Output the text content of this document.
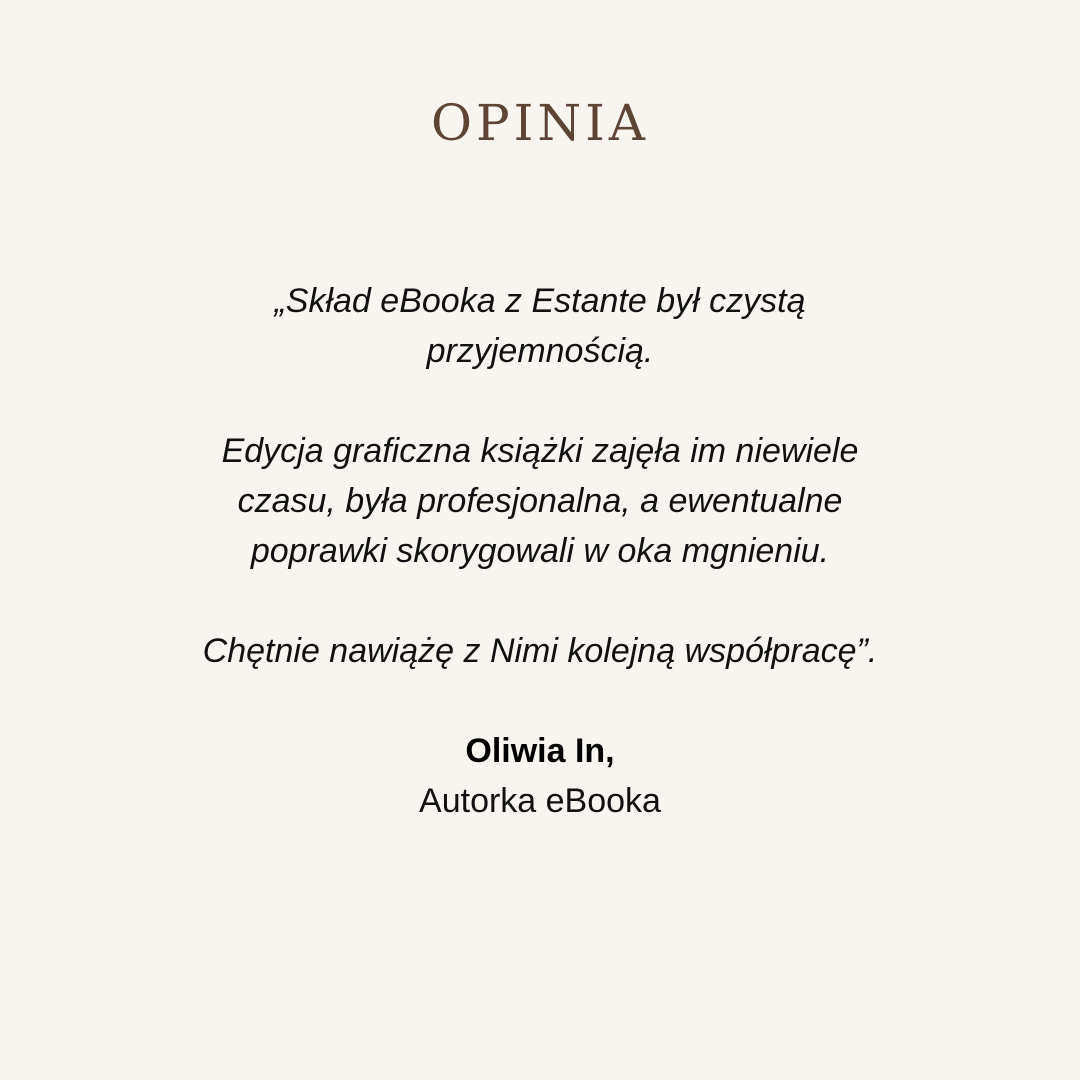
OPINIA
„Skład eBooka z Estante był czystą
przyjemnością.
Edycja graficzna książki zajęła im niewiele
czasu, była profesjonalna, a ewentualne
poprawki skorygowali w oka mgnieniu.
Chętnie nawiążę z Nimi kolejną współpracę”.
Oliwia In,
Autorka eBooka
